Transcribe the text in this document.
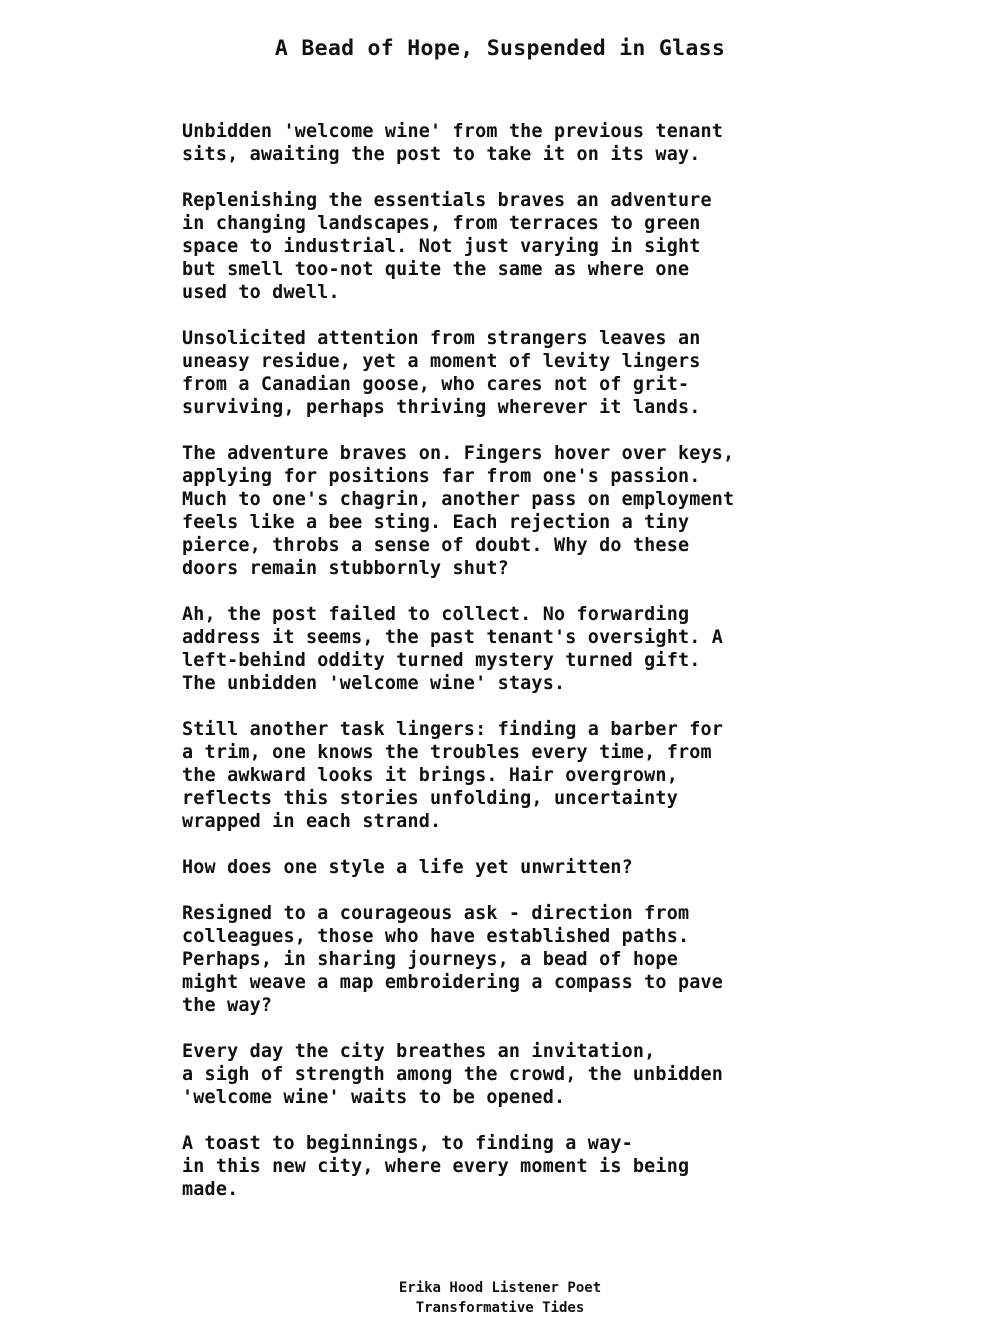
A Bead of Hope, Suspended in Glass
Unbidden 'welcome wine' from the previous tenant
sits, awaiting the post to take it on its way.
Replenishing the essentials braves an adventure
in changing landscapes, from terraces to green
space to industrial. Not just varying in sight
but smell too-not quite the same as where one
used to dwell.
Unsolicited attention from strangers leaves an
uneasy residue, yet a moment of levity lingers
from a Canadian goose, who cares not of grit-
surviving, perhaps thriving wherever it lands.
The adventure braves on. Fingers hover over keys,
applying for positions far from one's passion.
Much to one's chagrin, another pass on employment
feels like a bee sting. Each rejection a tiny
pierce, throbs a sense of doubt. Why do these
doors remain stubbornly shut?
Ah, the post failed to collect. No forwarding
address it seems, the past tenant's oversight. A
left-behind oddity turned mystery turned gift.
The unbidden 'welcome wine' stays.
Still another task lingers: finding a barber for
a trim, one knows the troubles every time, from
the awkward looks it brings. Hair overgrown,
reflects this stories unfolding, uncertainty
wrapped in each strand.
How does one style a life yet unwritten?
Resigned to a courageous ask - direction from
colleagues, those who have established paths.
Perhaps, in sharing journeys, a bead of hope
might weave a map embroidering a compass to pave
the way?
Every day the city breathes an invitation,
a sigh of strength among the crowd, the unbidden
'welcome wine' waits to be opened.
A toast to beginnings, to finding a way-
in this new city, where every moment is being
made.
Erika Hood Listener Poet
Transformative Tides
